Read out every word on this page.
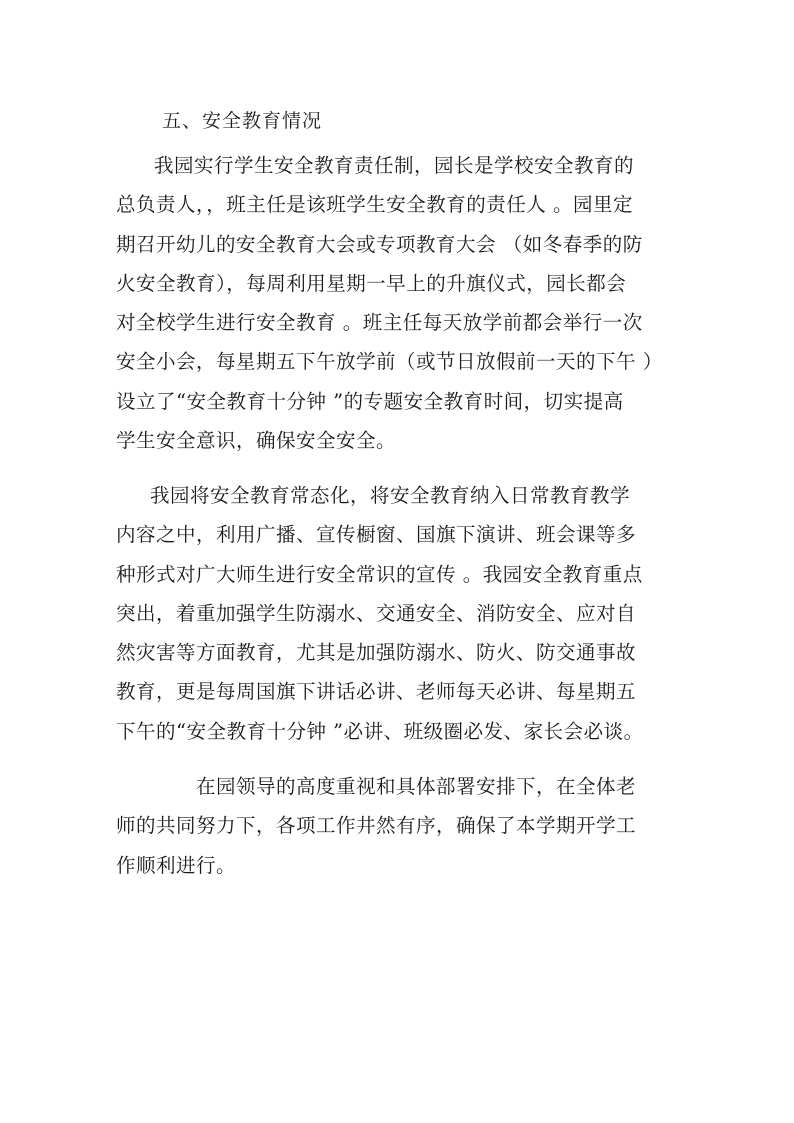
五、安全教育情况

我园实行学生安全教育责任制，园长是学校安全教育的
总负责人，，班主任是该班学生安全教育的责任人 。园里定
期召开幼儿的安全教育大会或专项教育大会 （如冬春季的防
火安全教育），每周利用星期一早上的升旗仪式，园长都会
对全校学生进行安全教育 。班主任每天放学前都会举行一次
安全小会，每星期五下午放学前（或节日放假前一天的下午 ）
设立了“安全教育十分钟 ”的专题安全教育时间，切实提高
学生安全意识，确保安全安全。

我园将安全教育常态化，将安全教育纳入日常教育教学
内容之中，利用广播、宣传橱窗、国旗下演讲、班会课等多
种形式对广大师生进行安全常识的宣传 。我园安全教育重点
突出，着重加强学生防溺水、交通安全、消防安全、应对自
然灾害等方面教育，尤其是加强防溺水、防火、防交通事故
教育，更是每周国旗下讲话必讲、老师每天必讲、每星期五
下午的“安全教育十分钟 ”必讲、班级圈必发、家长会必谈。

在园领导的高度重视和具体部署安排下，在全体老
师的共同努力下，各项工作井然有序，确保了本学期开学工
作顺利进行。
